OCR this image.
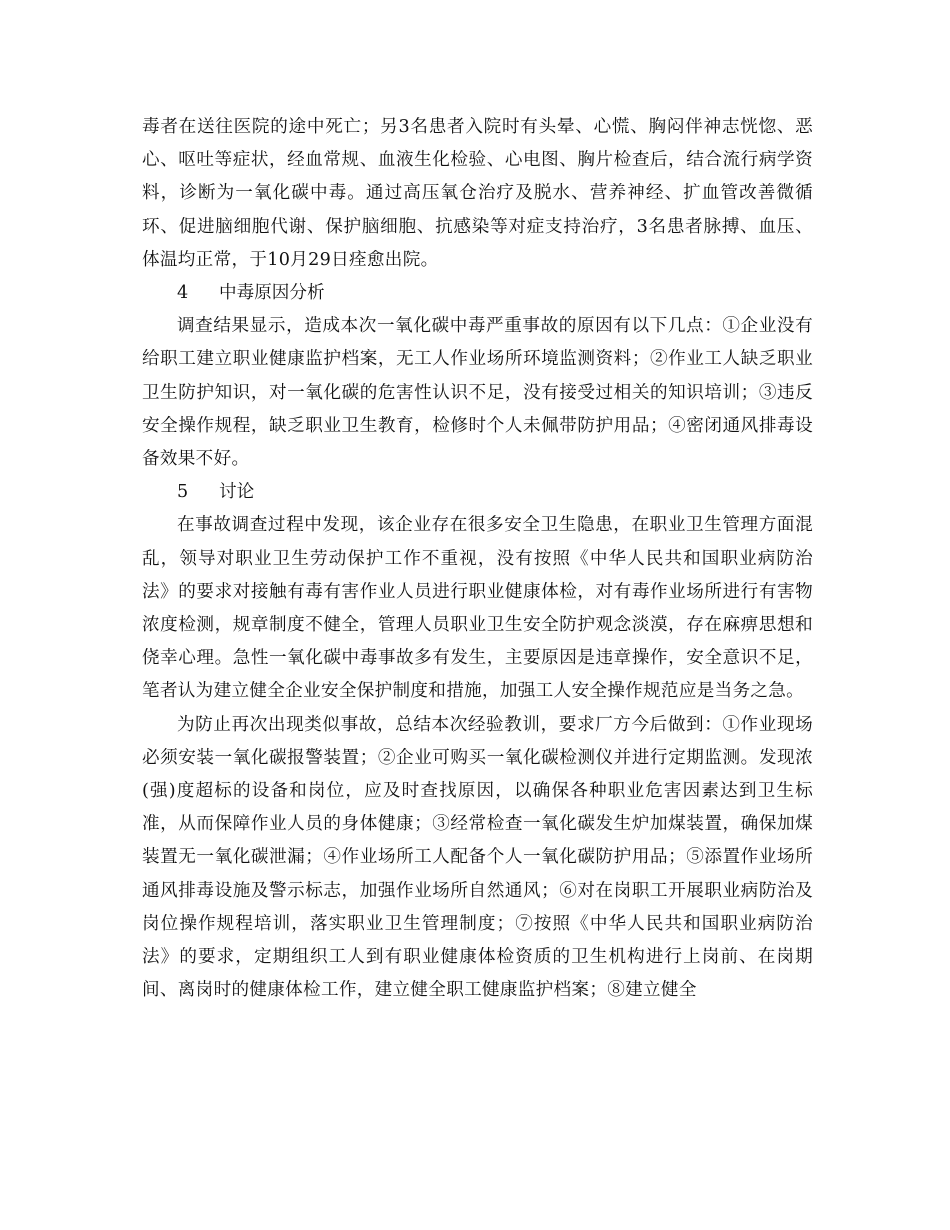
毒者在送往医院的途中死亡；另3名患者入院时有头晕、心慌、胸闷伴神志恍惚、恶心、呕吐等症状，经血常规、血液生化检验、心电图、胸片检查后，结合流行病学资料，诊断为一氧化碳中毒。通过高压氧仓治疗及脱水、营养神经、扩血管改善微循环、促进脑细胞代谢、保护脑细胞、抗感染等对症支持治疗，3名患者脉搏、血压、体温均正常，于10月29日痊愈出院。

4 中毒原因分析

调查结果显示，造成本次一氧化碳中毒严重事故的原因有以下几点：①企业没有给职工建立职业健康监护档案，无工人作业场所环境监测资料；②作业工人缺乏职业卫生防护知识，对一氧化碳的危害性认识不足，没有接受过相关的知识培训；③违反安全操作规程，缺乏职业卫生教育，检修时个人未佩带防护用品；④密闭通风排毒设备效果不好。

5 讨论

在事故调查过程中发现，该企业存在很多安全卫生隐患，在职业卫生管理方面混乱，领导对职业卫生劳动保护工作不重视，没有按照《中华人民共和国职业病防治法》的要求对接触有毒有害作业人员进行职业健康体检，对有毒作业场所进行有害物浓度检测，规章制度不健全，管理人员职业卫生安全防护观念淡漠，存在麻痹思想和侥幸心理。急性一氧化碳中毒事故多有发生，主要原因是违章操作，安全意识不足，笔者认为建立健全企业安全保护制度和措施，加强工人安全操作规范应是当务之急。

为防止再次出现类似事故，总结本次经验教训，要求厂方今后做到：①作业现场必须安装一氧化碳报警装置；②企业可购买一氧化碳检测仪并进行定期监测。发现浓(强)度超标的设备和岗位，应及时查找原因，以确保各种职业危害因素达到卫生标准，从而保障作业人员的身体健康；③经常检查一氧化碳发生炉加煤装置，确保加煤装置无一氧化碳泄漏；④作业场所工人配备个人一氧化碳防护用品；⑤添置作业场所通风排毒设施及警示标志，加强作业场所自然通风；⑥对在岗职工开展职业病防治及岗位操作规程培训，落实职业卫生管理制度；⑦按照《中华人民共和国职业病防治法》的要求，定期组织工人到有职业健康体检资质的卫生机构进行上岗前、在岗期间、离岗时的健康体检工作，建立健全职工健康监护档案；⑧建立健全
